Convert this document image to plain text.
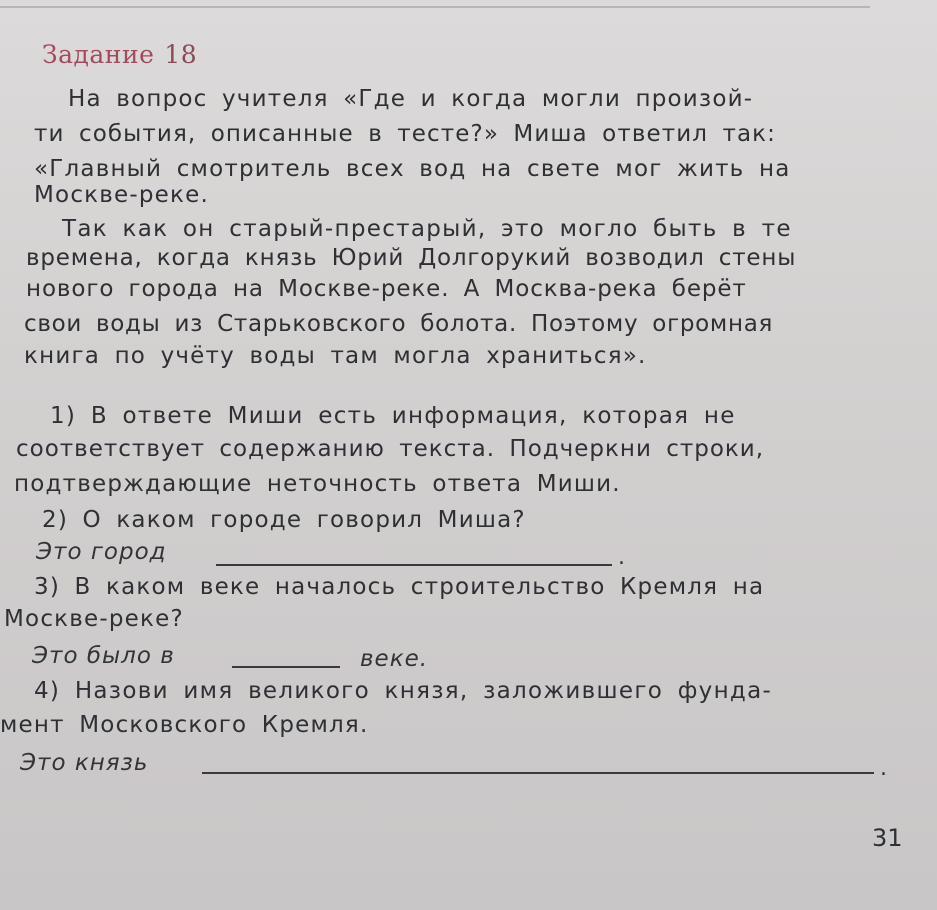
Задание 18
На вопрос учителя «Где и когда могли произой-
ти события, описанные в тесте?» Миша ответил так:
«Главный смотритель всех вод на свете мог жить на
Москве-реке.
Так как он старый-престарый, это могло быть в те
времена, когда князь Юрий Долгорукий возводил стены
нового города на Москве-реке. А Москва-река берёт
свои воды из Старьковского болота. Поэтому огромная
книга по учёту воды там могла храниться».
1) В ответе Миши есть информация, которая не
соответствует содержанию текста. Подчеркни строки,
подтверждающие неточность ответа Миши.
2) О каком городе говорил Миша?
Это город	.
3) В каком веке началось строительство Кремля на
Москве-реке?
Это было в	веке.
4) Назови имя великого князя, заложившего фунда-
мент Московского Кремля.
Это князь	.
31
